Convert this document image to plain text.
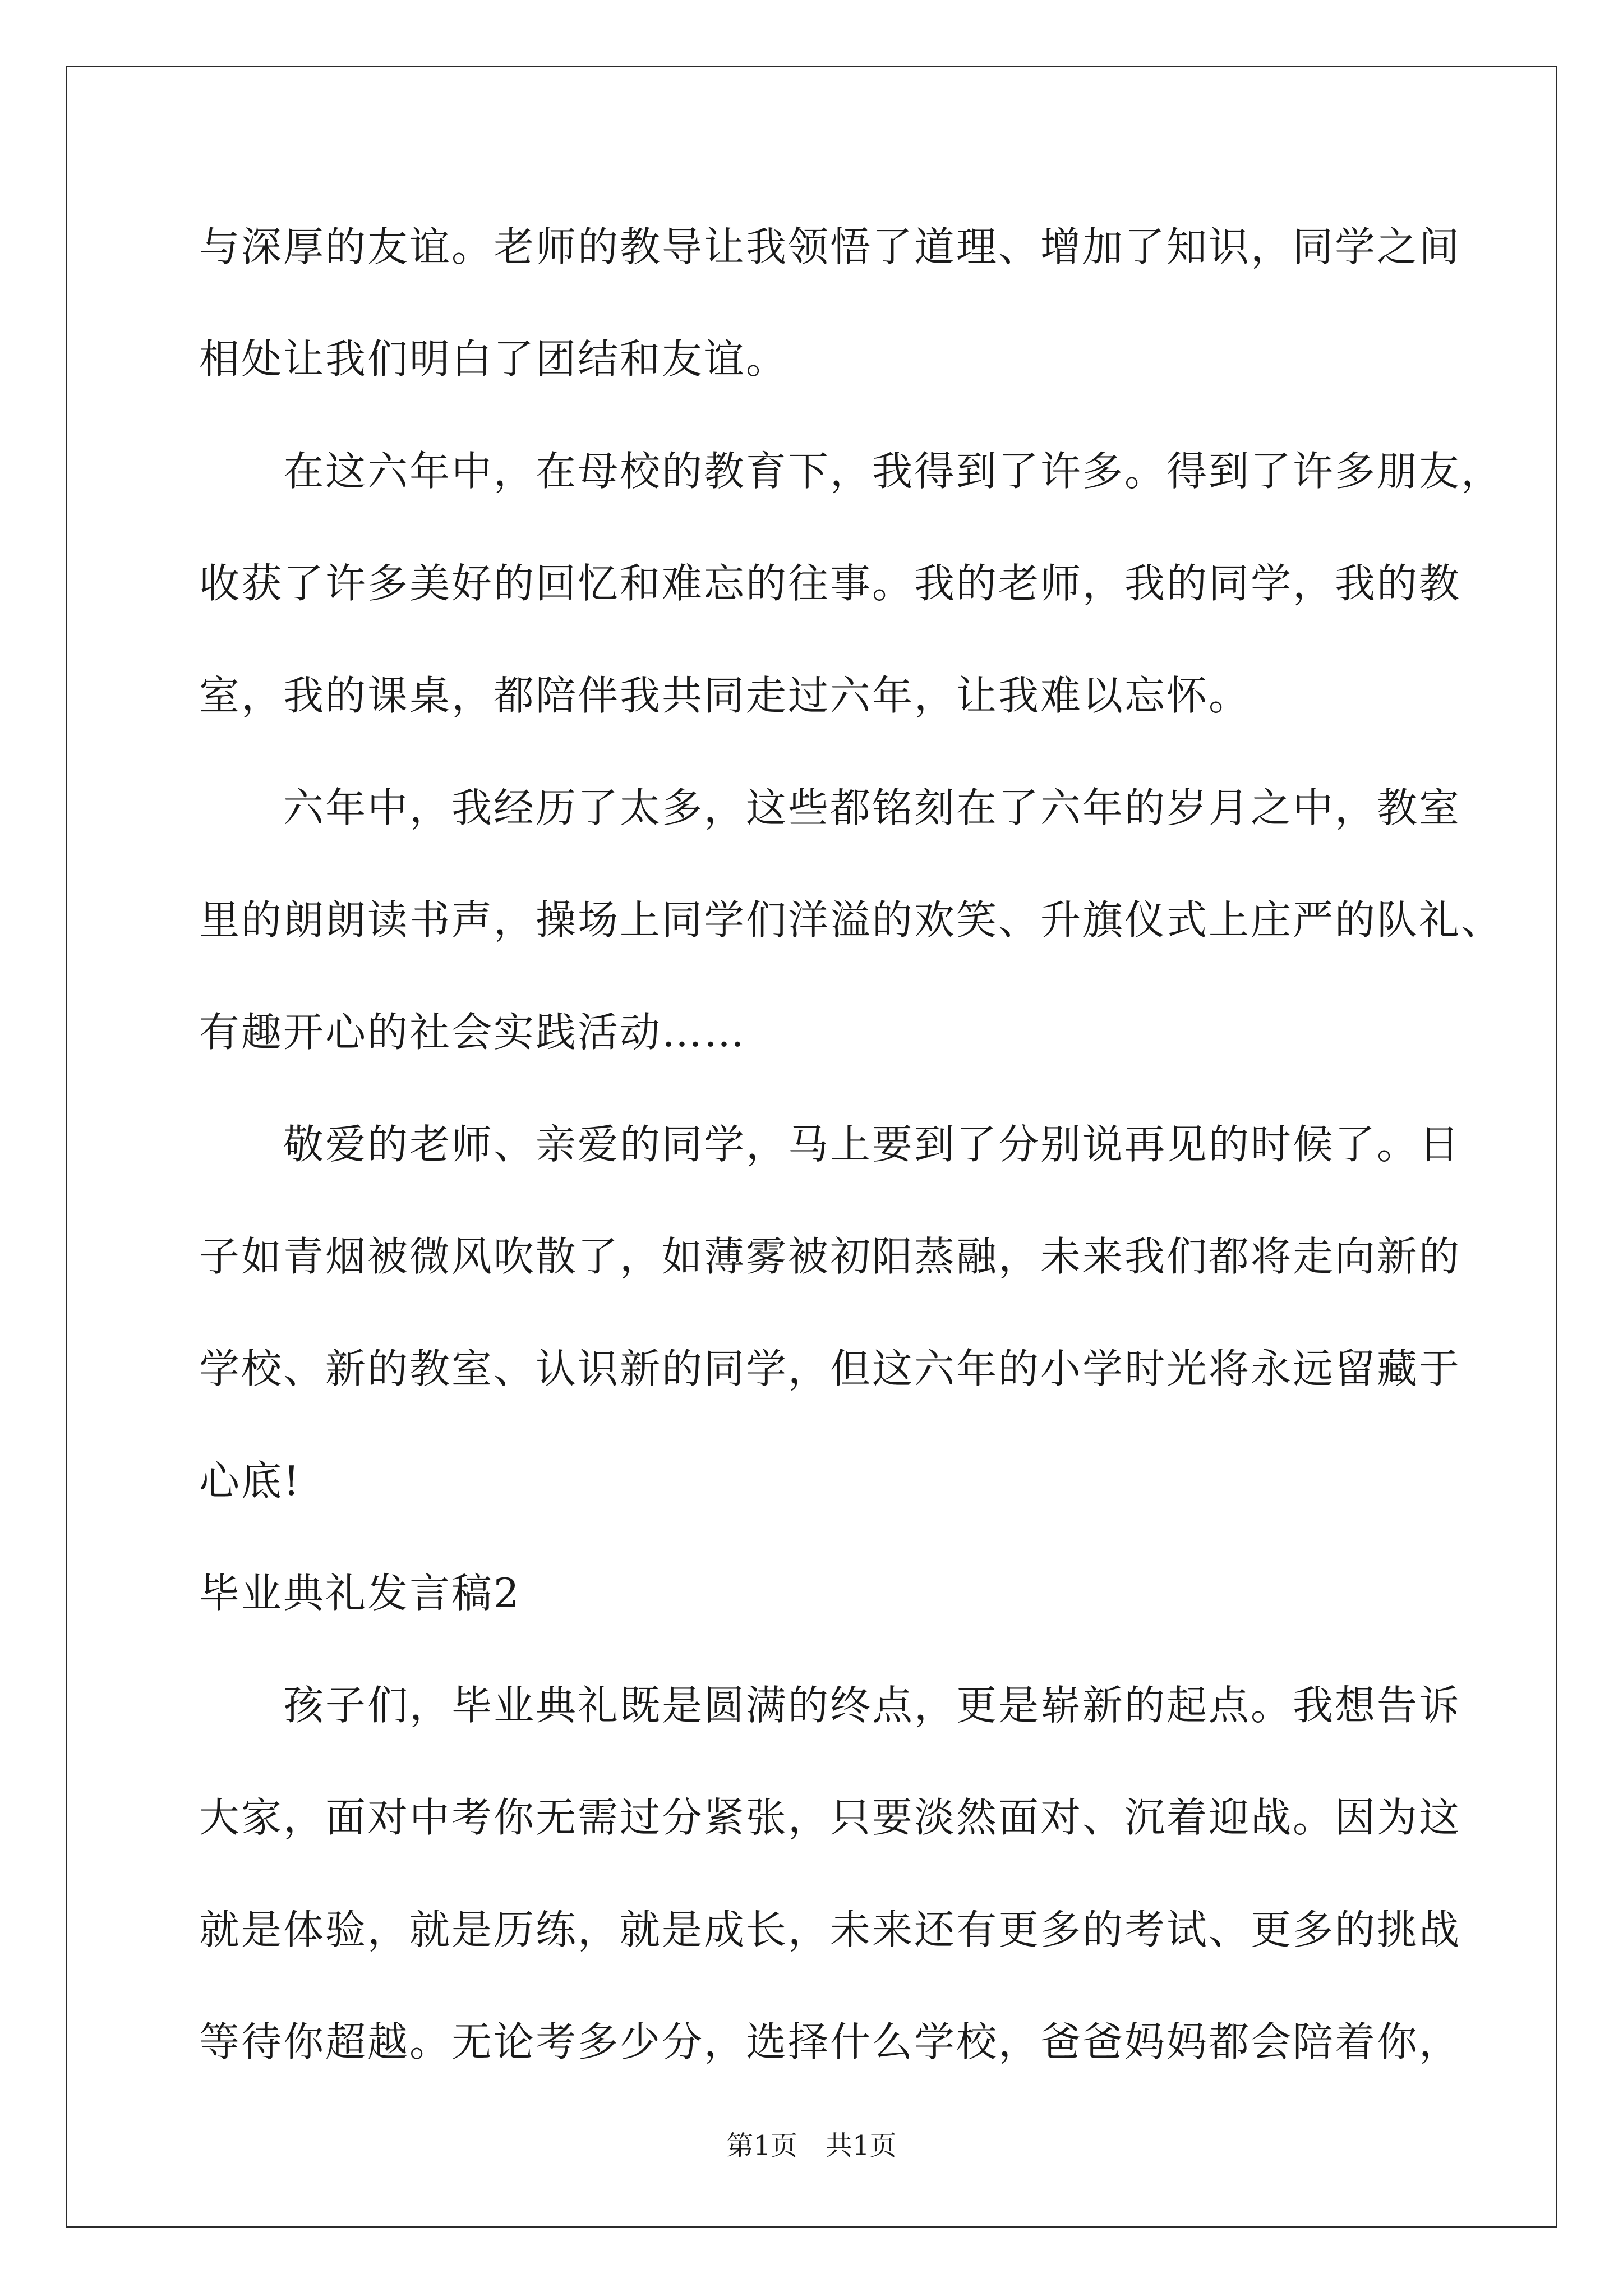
与深厚的友谊。老师的教导让我领悟了道理、增加了知识，同学之间
相处让我们明白了团结和友谊。
在这六年中，在母校的教育下，我得到了许多。得到了许多朋友，
收获了许多美好的回忆和难忘的往事。我的老师，我的同学，我的教
室，我的课桌，都陪伴我共同走过六年，让我难以忘怀。
六年中，我经历了太多，这些都铭刻在了六年的岁月之中，教室
里的朗朗读书声，操场上同学们洋溢的欢笑、升旗仪式上庄严的队礼、
有趣开心的社会实践活动……
敬爱的老师、亲爱的同学，马上要到了分别说再见的时候了。日
子如青烟被微风吹散了，如薄雾被初阳蒸融，未来我们都将走向新的
学校、新的教室、认识新的同学，但这六年的小学时光将永远留藏于
心底!
毕业典礼发言稿2
孩子们，毕业典礼既是圆满的终点，更是崭新的起点。我想告诉
大家，面对中考你无需过分紧张，只要淡然面对、沉着迎战。因为这
就是体验，就是历练，就是成长，未来还有更多的考试、更多的挑战
等待你超越。无论考多少分，选择什么学校，爸爸妈妈都会陪着你，
第1页 共1页
